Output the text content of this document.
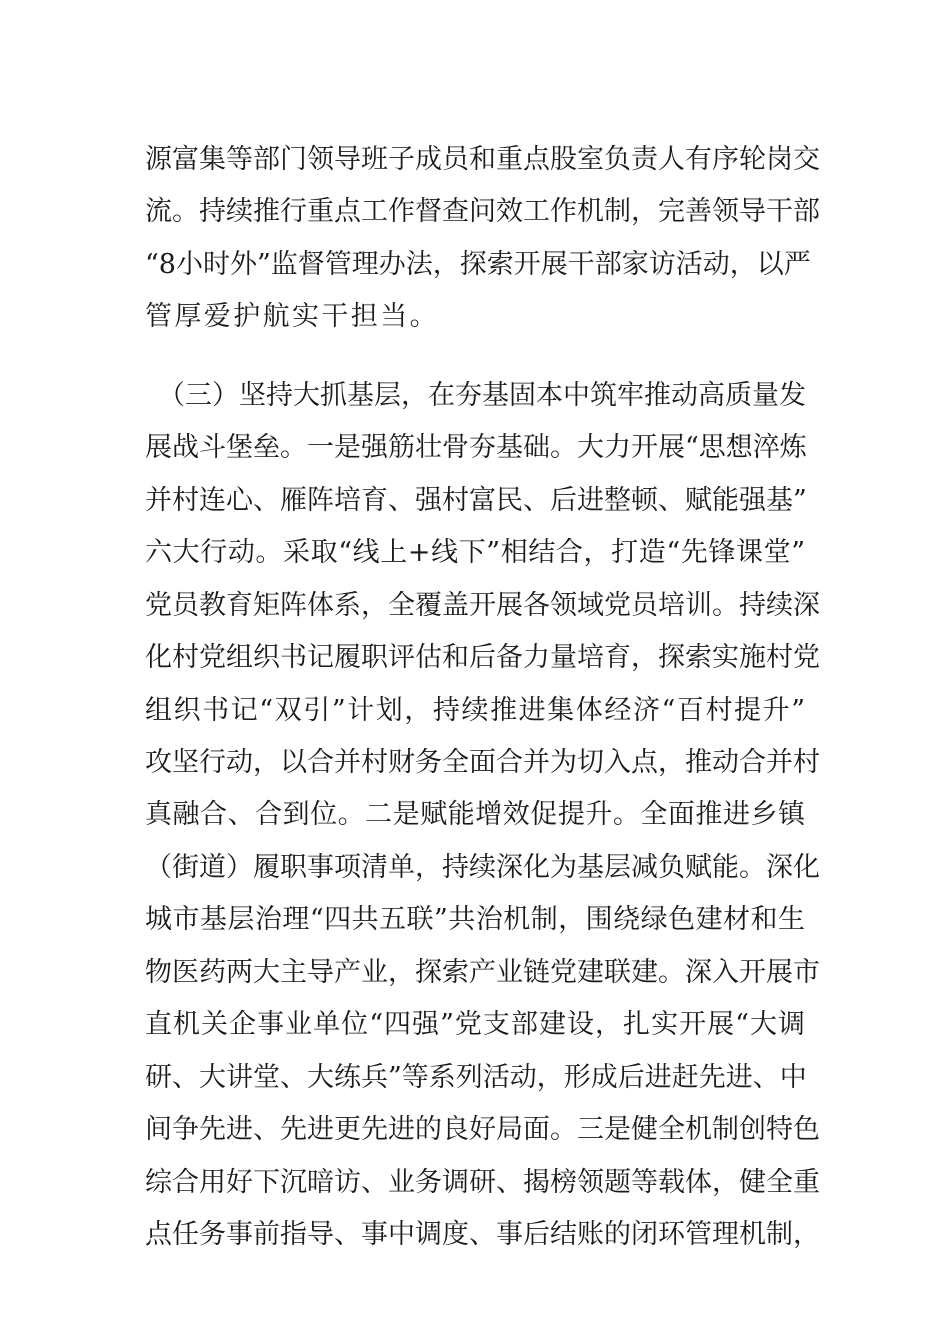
源富集等部门领导班子成员和重点股室负责人有序轮岗交
流。持续推行重点工作督查问效工作机制，完善领导干部
“8小时外”监督管理办法，探索开展干部家访活动，以严
管厚爱护航实干担当。
（三）坚持大抓基层，在夯基固本中筑牢推动高质量发
展战斗堡垒。一是强筋壮骨夯基础。大力开展“思想淬炼
并村连心、雁阵培育、强村富民、后进整顿、赋能强基”
六大行动。采取“线上+线下”相结合，打造“先锋课堂”
党员教育矩阵体系，全覆盖开展各领域党员培训。持续深
化村党组织书记履职评估和后备力量培育，探索实施村党
组织书记“双引”计划，持续推进集体经济“百村提升”
攻坚行动，以合并村财务全面合并为切入点，推动合并村
真融合、合到位。二是赋能增效促提升。全面推进乡镇
（街道）履职事项清单，持续深化为基层减负赋能。深化
城市基层治理“四共五联”共治机制，围绕绿色建材和生
物医药两大主导产业，探索产业链党建联建。深入开展市
直机关企事业单位“四强”党支部建设，扎实开展“大调
研、大讲堂、大练兵”等系列活动，形成后进赶先进、中
间争先进、先进更先进的良好局面。三是健全机制创特色
综合用好下沉暗访、业务调研、揭榜领题等载体，健全重
点任务事前指导、事中调度、事后结账的闭环管理机制，
